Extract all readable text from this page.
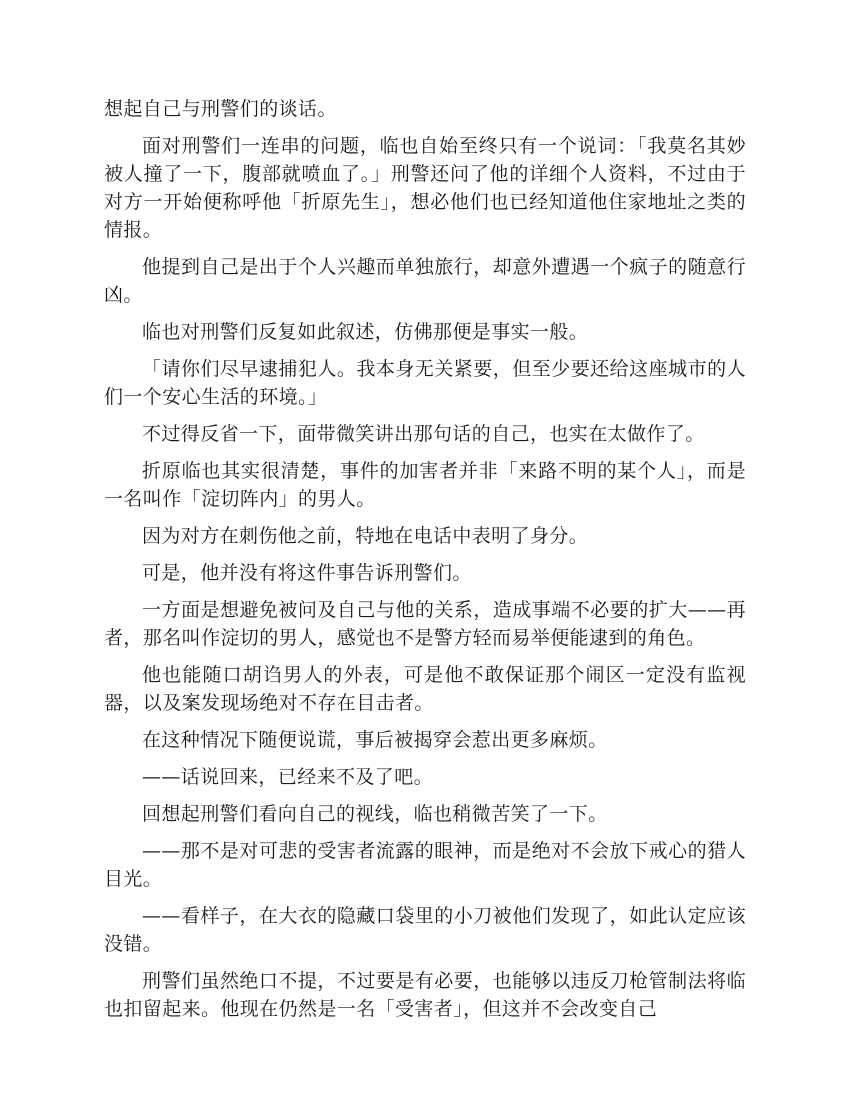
想起自己与刑警们的谈话。

面对刑警们一连串的问题，临也自始至终只有一个说词：「我莫名其妙被人撞了一下，腹部就喷血了。」刑警还问了他的详细个人资料，不过由于对方一开始便称呼他「折原先生」，想必他们也已经知道他住家地址之类的情报。

他提到自己是出于个人兴趣而单独旅行，却意外遭遇一个疯子的随意行凶。

临也对刑警们反复如此叙述，仿佛那便是事实一般。

「请你们尽早逮捕犯人。我本身无关紧要，但至少要还给这座城市的人们一个安心生活的环境。」

不过得反省一下，面带微笑讲出那句话的自己，也实在太做作了。

折原临也其实很清楚，事件的加害者并非「来路不明的某个人」，而是一名叫作「淀切阵内」的男人。

因为对方在刺伤他之前，特地在电话中表明了身分。

可是，他并没有将这件事告诉刑警们。

一方面是想避免被问及自己与他的关系，造成事端不必要的扩大——再者，那名叫作淀切的男人，感觉也不是警方轻而易举便能逮到的角色。

他也能随口胡诌男人的外表，可是他不敢保证那个闹区一定没有监视器，以及案发现场绝对不存在目击者。

在这种情况下随便说谎，事后被揭穿会惹出更多麻烦。

——话说回来，已经来不及了吧。

回想起刑警们看向自己的视线，临也稍微苦笑了一下。

——那不是对可悲的受害者流露的眼神，而是绝对不会放下戒心的猎人目光。

——看样子，在大衣的隐藏口袋里的小刀被他们发现了，如此认定应该没错。

刑警们虽然绝口不提，不过要是有必要，也能够以违反刀枪管制法将临也扣留起来。他现在仍然是一名「受害者」，但这并不会改变自己
